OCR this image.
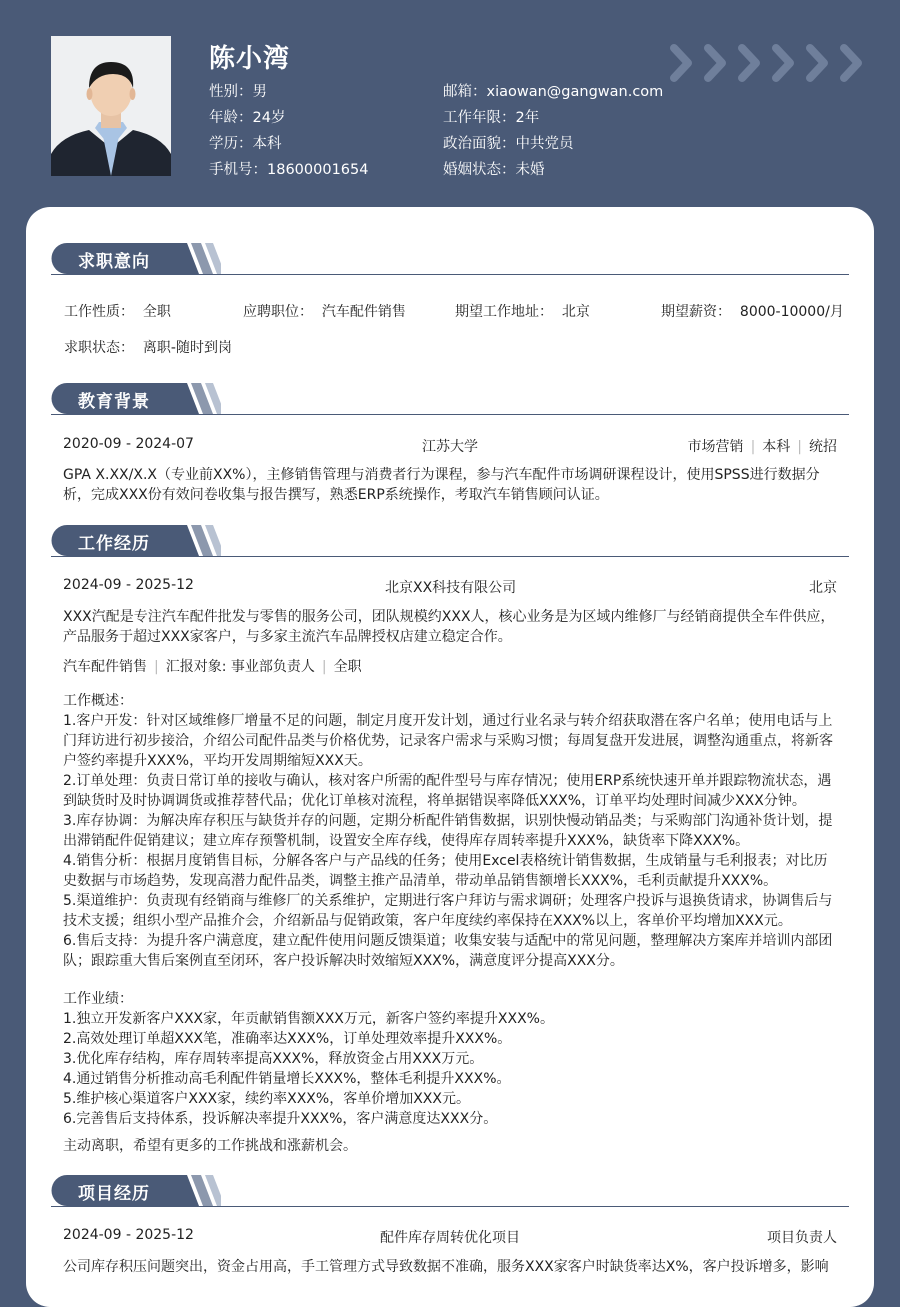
陈小湾
性别：男
年龄：24岁
学历：本科
手机号：18600001654
邮箱：xiaowan@gangwan.com
工作年限：2年
政治面貌：中共党员
婚姻状态：未婚
求职意向
工作性质： 全职	应聘职位： 汽车配件销售	期望工作地址： 北京	期望薪资： 8000-10000/月
求职状态： 离职-随时到岗
教育背景
2020-09 - 2024-07	江苏大学	市场营销 | 本科 | 统招
GPA X.XX/X.X（专业前XX%），主修销售管理与消费者行为课程，参与汽车配件市场调研课程设计，使用SPSS进行数据分析，完成XXX份有效问卷收集与报告撰写，熟悉ERP系统操作，考取汽车销售顾问认证。
工作经历
2024-09 - 2025-12	北京XX科技有限公司	北京
XXX汽配是专注汽车配件批发与零售的服务公司，团队规模约XXX人，核心业务是为区域内维修厂与经销商提供全车件供应，产品服务于超过XXX家客户，与多家主流汽车品牌授权店建立稳定合作。
汽车配件销售 | 汇报对象: 事业部负责人 | 全职
工作概述：
1.客户开发：针对区域维修厂增量不足的问题，制定月度开发计划，通过行业名录与转介绍获取潜在客户名单；使用电话与上门拜访进行初步接洽，介绍公司配件品类与价格优势，记录客户需求与采购习惯；每周复盘开发进展，调整沟通重点，将新客户签约率提升XXX%，平均开发周期缩短XXX天。
2.订单处理：负责日常订单的接收与确认，核对客户所需的配件型号与库存情况；使用ERP系统快速开单并跟踪物流状态，遇到缺货时及时协调调货或推荐替代品；优化订单核对流程，将单据错误率降低XXX%，订单平均处理时间减少XXX分钟。
3.库存协调：为解决库存积压与缺货并存的问题，定期分析配件销售数据，识别快慢动销品类；与采购部门沟通补货计划，提出滞销配件促销建议；建立库存预警机制，设置安全库存线，使得库存周转率提升XXX%，缺货率下降XXX%。
4.销售分析：根据月度销售目标，分解各客户与产品线的任务；使用Excel表格统计销售数据，生成销量与毛利报表；对比历史数据与市场趋势，发现高潜力配件品类，调整主推产品清单，带动单品销售额增长XXX%，毛利贡献提升XXX%。
5.渠道维护：负责现有经销商与维修厂的关系维护，定期进行客户拜访与需求调研；处理客户投诉与退换货请求，协调售后与技术支援；组织小型产品推介会，介绍新品与促销政策，客户年度续约率保持在XXX%以上，客单价平均增加XXX元。
6.售后支持：为提升客户满意度，建立配件使用问题反馈渠道；收集安装与适配中的常见问题，整理解决方案库并培训内部团队；跟踪重大售后案例直至闭环，客户投诉解决时效缩短XXX%，满意度评分提高XXX分。
工作业绩：
1.独立开发新客户XXX家，年贡献销售额XXX万元，新客户签约率提升XXX%。
2.高效处理订单超XXX笔，准确率达XXX%，订单处理效率提升XXX%。
3.优化库存结构，库存周转率提高XXX%，释放资金占用XXX万元。
4.通过销售分析推动高毛利配件销量增长XXX%，整体毛利提升XXX%。
5.维护核心渠道客户XXX家，续约率XXX%，客单价增加XXX元。
6.完善售后支持体系，投诉解决率提升XXX%，客户满意度达XXX分。
主动离职，希望有更多的工作挑战和涨薪机会。
项目经历
2024-09 - 2025-12	配件库存周转优化项目	项目负责人
公司库存积压问题突出，资金占用高，手工管理方式导致数据不准确，服务XXX家客户时缺货率达X%，客户投诉增多，影响
